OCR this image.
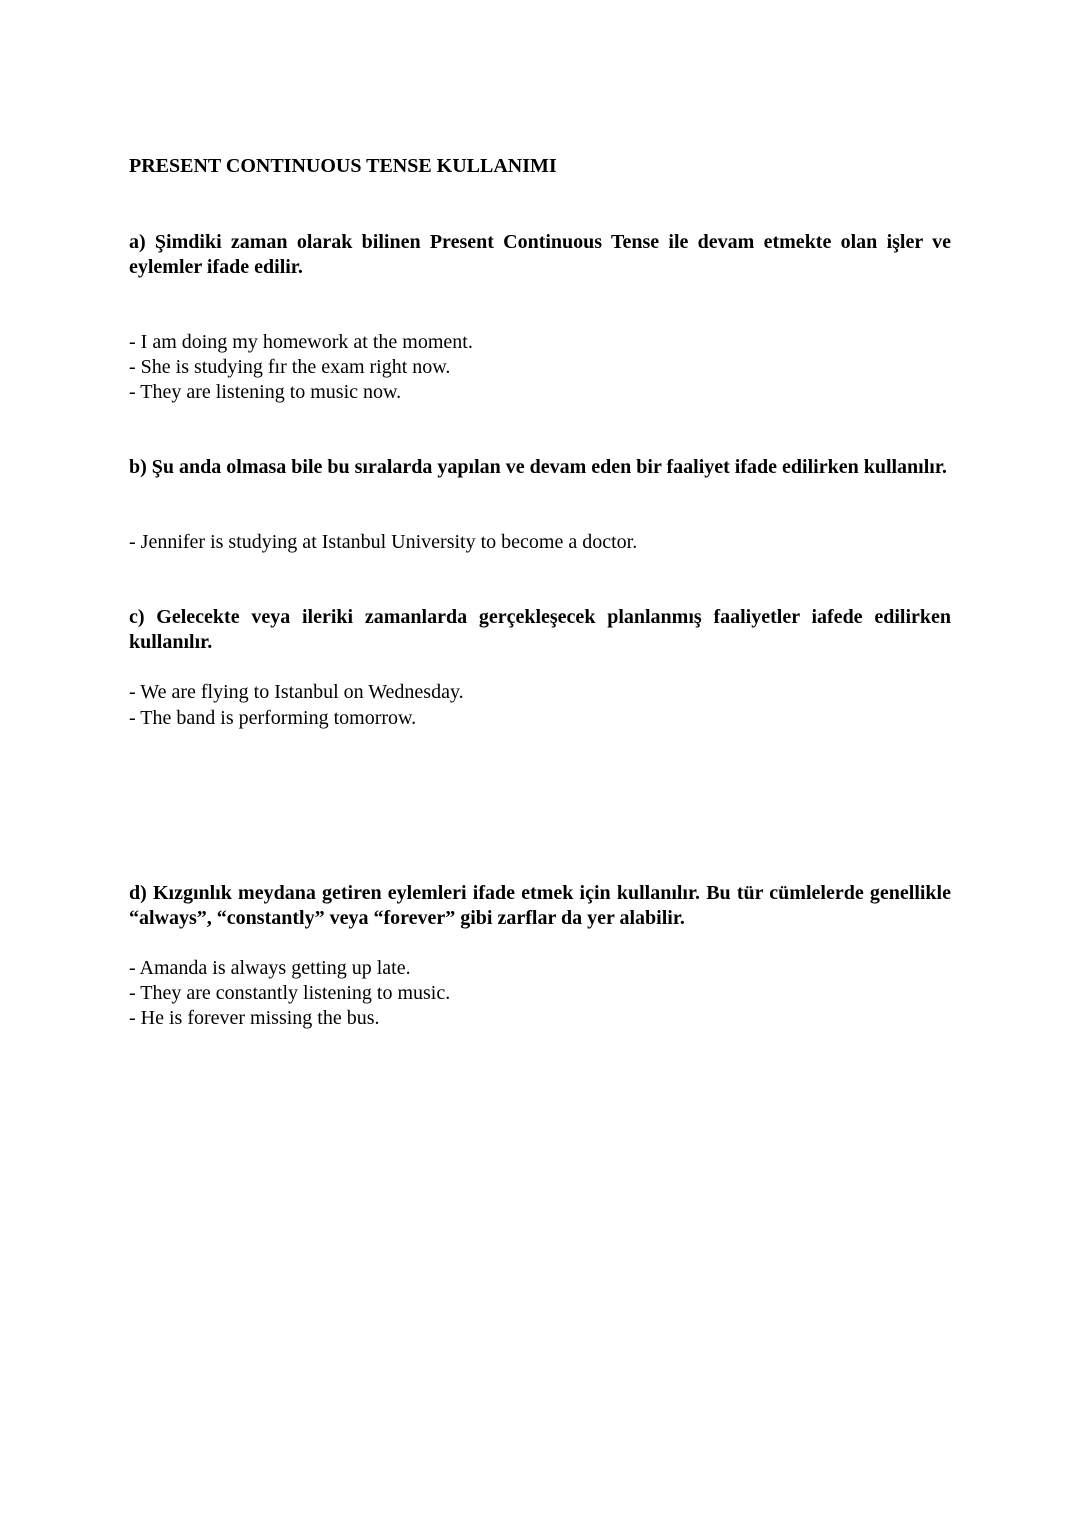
PRESENT CONTINUOUS TENSE KULLANIMI
a) Şimdiki zaman olarak bilinen Present Continuous Tense ile devam etmekte olan işler ve eylemler ifade edilir.
- I am doing my homework at the moment.
- She is studying fır the exam right now.
- They are listening to music now.
b) Şu anda olmasa bile bu sıralarda yapılan ve devam eden bir faaliyet ifade edilirken kullanılır.
- Jennifer is studying at Istanbul University to become a doctor.
c) Gelecekte veya ileriki zamanlarda gerçekleşecek planlanmış faaliyetler iafede edilirken kullanılır.
- We are flying to Istanbul on Wednesday.
- The band is performing tomorrow.
d) Kızgınlık meydana getiren eylemleri ifade etmek için kullanılır. Bu tür cümlelerde genellikle “always”, “constantly” veya “forever” gibi zarflar da yer alabilir.
- Amanda is always getting up late.
- They are constantly listening to music.
- He is forever missing the bus.
